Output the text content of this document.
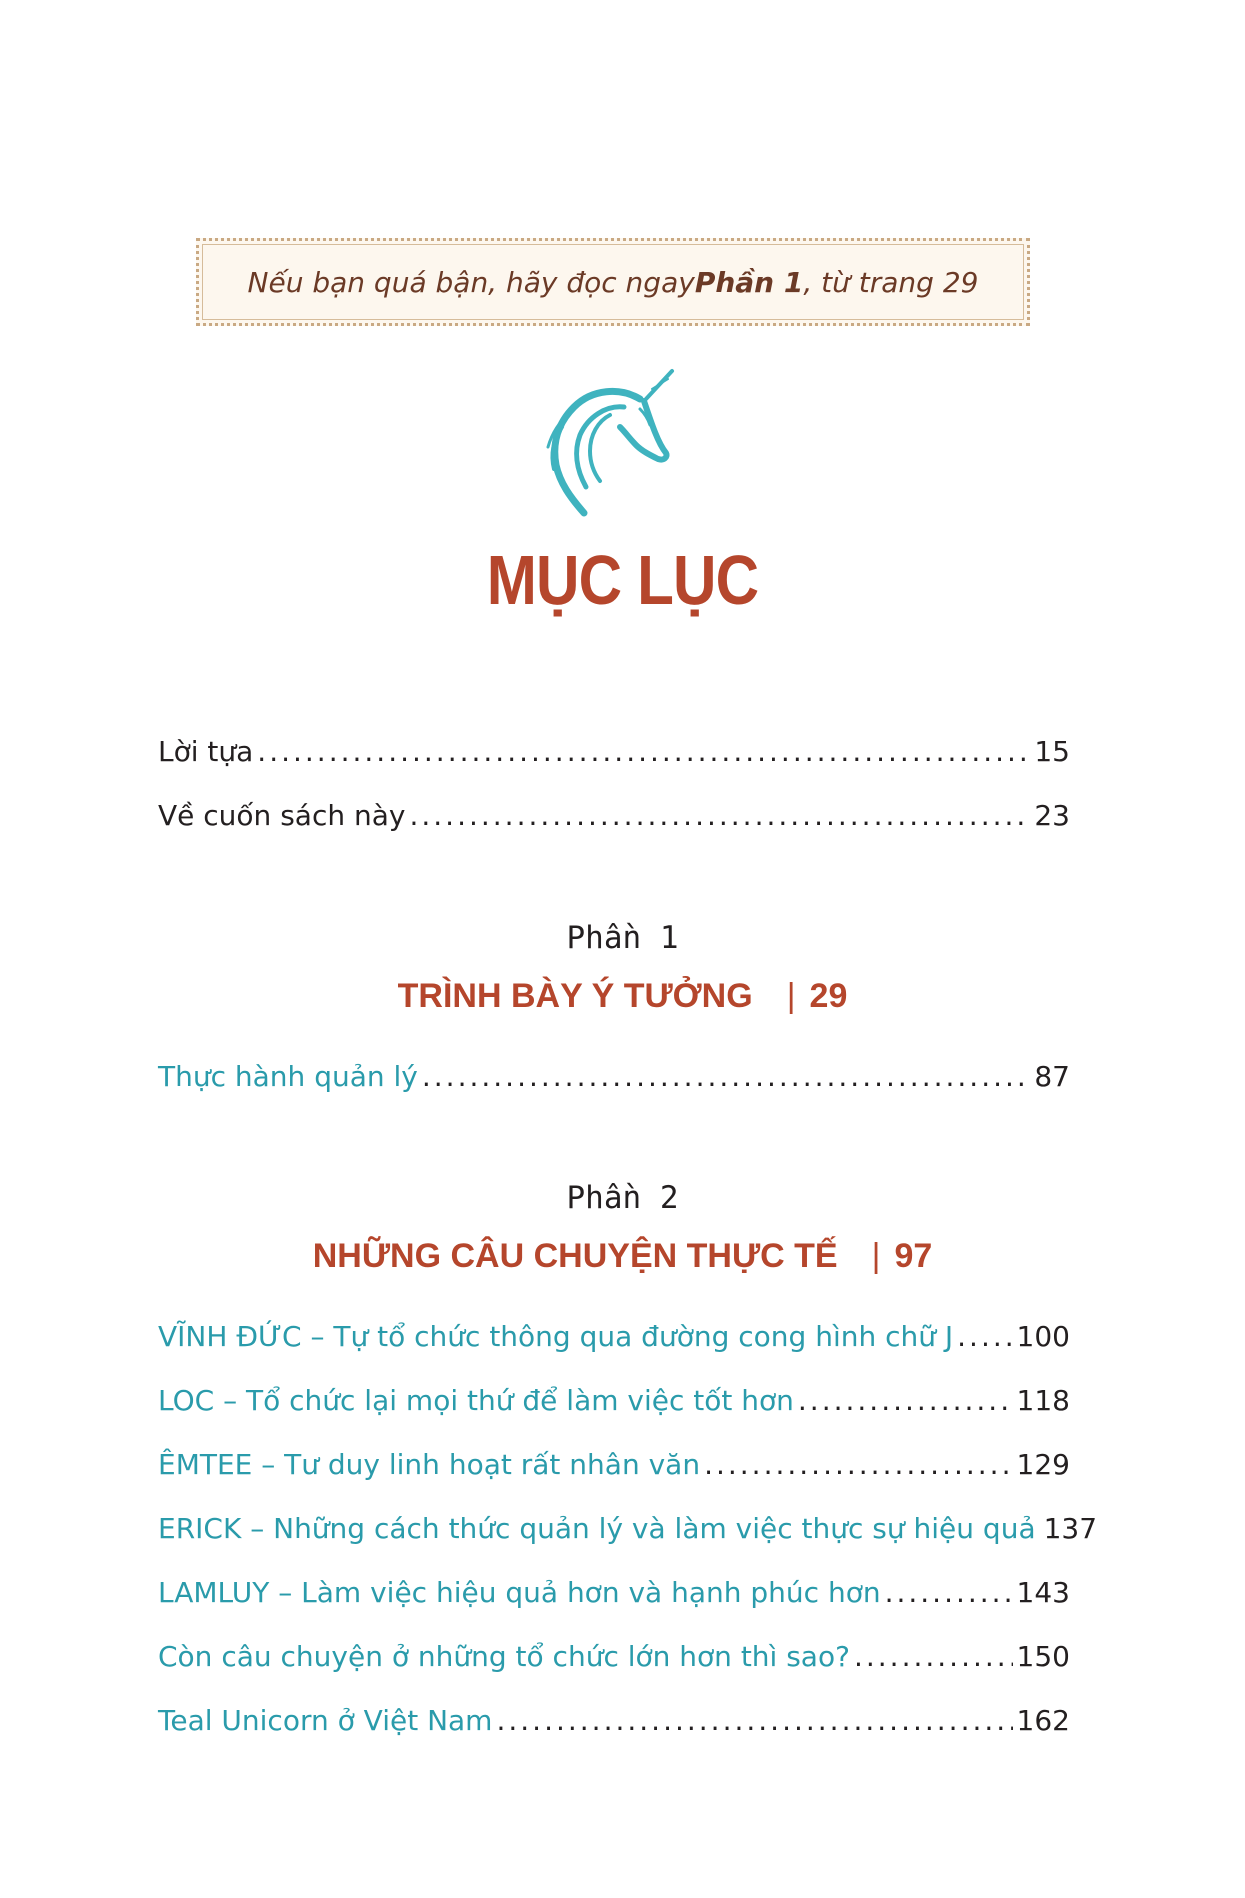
Nếu bạn quá bận, hãy đọc ngay Phần 1 , từ trang 29
MỤC LỤC
Lời tựa .....	15
Về cuốn sách này .....	23
Phần 1
TRÌNH BÀY Ý TƯỞNG | 29
Thực hành quản lý .....	87
Phần 2
NHỮNG CÂU CHUYỆN THỰC TẾ | 97
VĨNH ĐỨC – Tự tổ chức thông qua đường cong hình chữ J ..... 100
LOC – Tổ chức lại mọi thứ để làm việc tốt hơn .....	118
ÊMTEE – Tư duy linh hoạt rất nhân văn .....	129
ERICK – Những cách thức quản lý và làm việc thực sự hiệu quả 137
LAMLUY – Làm việc hiệu quả hơn và hạnh phúc hơn .....	143
Còn câu chuyện ở những tổ chức lớn hơn thì sao? .....	150
Teal Unicorn ở Việt Nam .....	162
